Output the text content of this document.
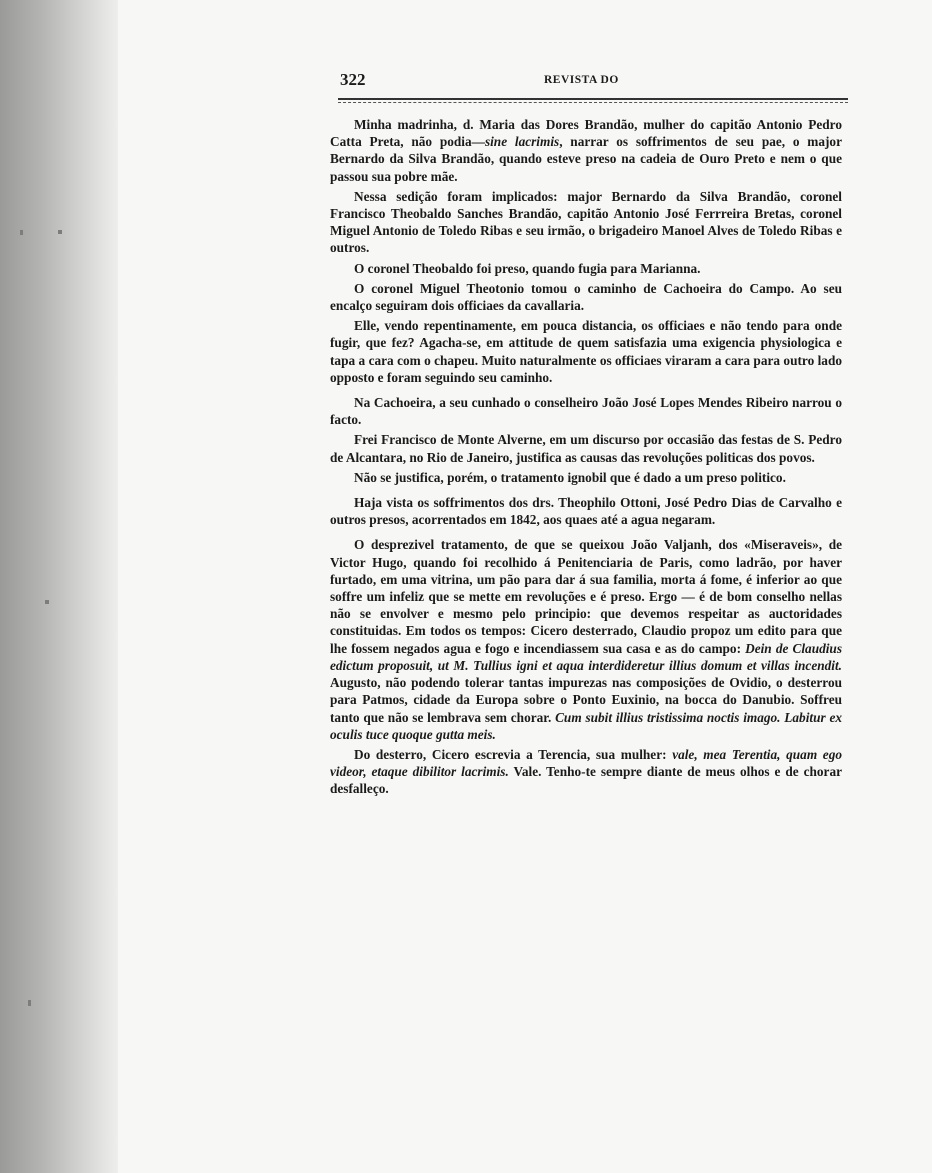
322	REVISTA DO

Minha madrinha, d. Maria das Dores Brandão, mulher do capitão Antonio Pedro Catta Preta, não podia—sine lacrimis, narrar os soffrimentos de seu pae, o major Bernardo da Silva Brandão, quando esteve preso na cadeia de Ouro Preto e nem o que passou sua pobre mãe.

Nessa sedição foram implicados: major Bernardo da Silva Brandão, coronel Francisco Theobaldo Sanches Brandão, capitão Antonio José Ferrreira Bretas, coronel Miguel Antonio de Toledo Ribas e seu irmão, o brigadeiro Manoel Alves de Toledo Ribas e outros.

O coronel Theobaldo foi preso, quando fugia para Marianna.

O coronel Miguel Theotonio tomou o caminho de Cachoeira do Campo. Ao seu encalço seguiram dois officiaes da cavallaria.

Elle, vendo repentinamente, em pouca distancia, os officiaes e não tendo para onde fugir, que fez? Agacha-se, em attitude de quem satisfazia uma exigencia physiologica e tapa a cara com o chapeu. Muito naturalmente os officiaes viraram a cara para outro lado opposto e foram seguindo seu caminho.

Na Cachoeira, a seu cunhado o conselheiro João José Lopes Mendes Ribeiro narrou o facto.

Frei Francisco de Monte Alverne, em um discurso por occasião das festas de S. Pedro de Alcantara, no Rio de Janeiro, justifica as causas das revoluções politicas dos povos.

Não se justifica, porém, o tratamento ignobil que é dado a um preso politico.

Haja vista os soffrimentos dos drs. Theophilo Ottoni, José Pedro Dias de Carvalho e outros presos, acorrentados em 1842, aos quaes até a agua negaram.

O desprezivel tratamento, de que se queixou João Valjanh, dos «Miseraveis», de Victor Hugo, quando foi recolhido á Penitenciaria de Paris, como ladrão, por haver furtado, em uma vitrina, um pão para dar á sua familia, morta á fome, é inferior ao que soffre um infeliz que se mette em revoluções e é preso. Ergo — é de bom conselho nellas não se envolver e mesmo pelo principio: que devemos respeitar as auctoridades constituidas. Em todos os tempos: Cicero desterrado, Claudio propoz um edito para que lhe fossem negados agua e fogo e incendiassem sua casa e as do campo: Dein de Claudius edictum proposuit, ut M. Tullius igni et aqua interdideretur illius domum et villas incendit. Augusto, não podendo tolerar tantas impurezas nas composições de Ovidio, o desterrou para Patmos, cidade da Europa sobre o Ponto Euxinio, na bocca do Danubio. Soffreu tanto que não se lembrava sem chorar. Cum subit illius tristissima noctis imago. Labitur ex oculis tuce quoque gutta meis.

Do desterro, Cicero escrevia a Terencia, sua mulher: vale, mea Terentia, quam ego videor, etaque dibilitor lacrimis. Vale. Tenho-te sempre diante de meus olhos e de chorar desfalleço.
